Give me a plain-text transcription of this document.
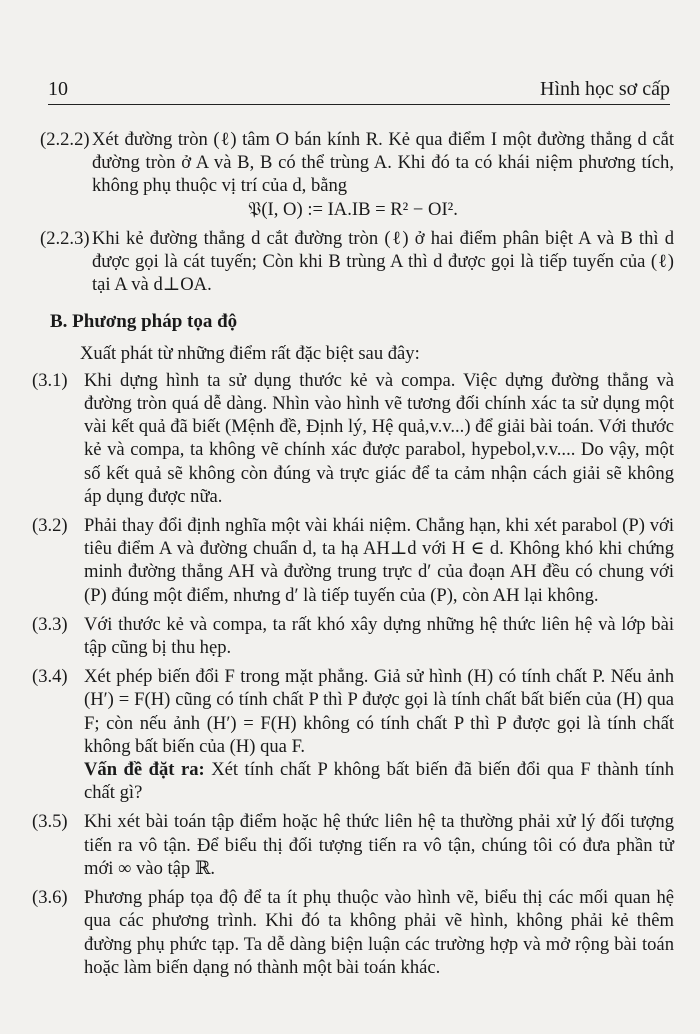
10	Hình học sơ cấp
(2.2.2) Xét đường tròn (ℓ) tâm O bán kính R. Kẻ qua điểm I một đường thẳng d cắt đường tròn ở A và B, B có thể trùng A. Khi đó ta có khái niệm phương tích, không phụ thuộc vị trí của d, bằng

𝔓(I, O) := IA.IB = R² − OI².

(2.2.3) Khi kẻ đường thẳng d cắt đường tròn (ℓ) ở hai điểm phân biệt A và B thì d được gọi là cát tuyến; Còn khi B trùng A thì d được gọi là tiếp tuyến của (ℓ) tại A và d⊥OA.

B. Phương pháp tọa độ

Xuất phát từ những điểm rất đặc biệt sau đây:

(3.1) Khi dựng hình ta sử dụng thước kẻ và compa. Việc dựng đường thẳng và đường tròn quá dễ dàng. Nhìn vào hình vẽ tương đối chính xác ta sử dụng một vài kết quả đã biết (Mệnh đề, Định lý, Hệ quả,v.v...) để giải bài toán. Với thước kẻ và compa, ta không vẽ chính xác được parabol, hypebol,v.v.... Do vậy, một số kết quả sẽ không còn đúng và trực giác để ta cảm nhận cách giải sẽ không áp dụng được nữa.

(3.2) Phải thay đổi định nghĩa một vài khái niệm. Chẳng hạn, khi xét parabol (P) với tiêu điểm A và đường chuẩn d, ta hạ AH⊥d với H ∈ d. Không khó khi chứng minh đường thẳng AH và đường trung trực d′ của đoạn AH đều có chung với (P) đúng một điểm, nhưng d′ là tiếp tuyến của (P), còn AH lại không.

(3.3) Với thước kẻ và compa, ta rất khó xây dựng những hệ thức liên hệ và lớp bài tập cũng bị thu hẹp.

(3.4) Xét phép biến đổi F trong mặt phẳng. Giả sử hình (H) có tính chất P. Nếu ảnh (H′) = F(H) cũng có tính chất P thì P được gọi là tính chất bất biến của (H) qua F; còn nếu ảnh (H′) = F(H) không có tính chất P thì P được gọi là tính chất không bất biến của (H) qua F.

Vấn đề đặt ra: Xét tính chất P không bất biến đã biến đổi qua F thành tính chất gì?

(3.5) Khi xét bài toán tập điểm hoặc hệ thức liên hệ ta thường phải xử lý đối tượng tiến ra vô tận. Để biểu thị đối tượng tiến ra vô tận, chúng tôi có đưa phần tử mới ∞ vào tập ℝ.

(3.6) Phương pháp tọa độ để ta ít phụ thuộc vào hình vẽ, biểu thị các mối quan hệ qua các phương trình. Khi đó ta không phải vẽ hình, không phải kẻ thêm đường phụ phức tạp. Ta dễ dàng biện luận các trường hợp và mở rộng bài toán hoặc làm biến dạng nó thành một bài toán khác.
